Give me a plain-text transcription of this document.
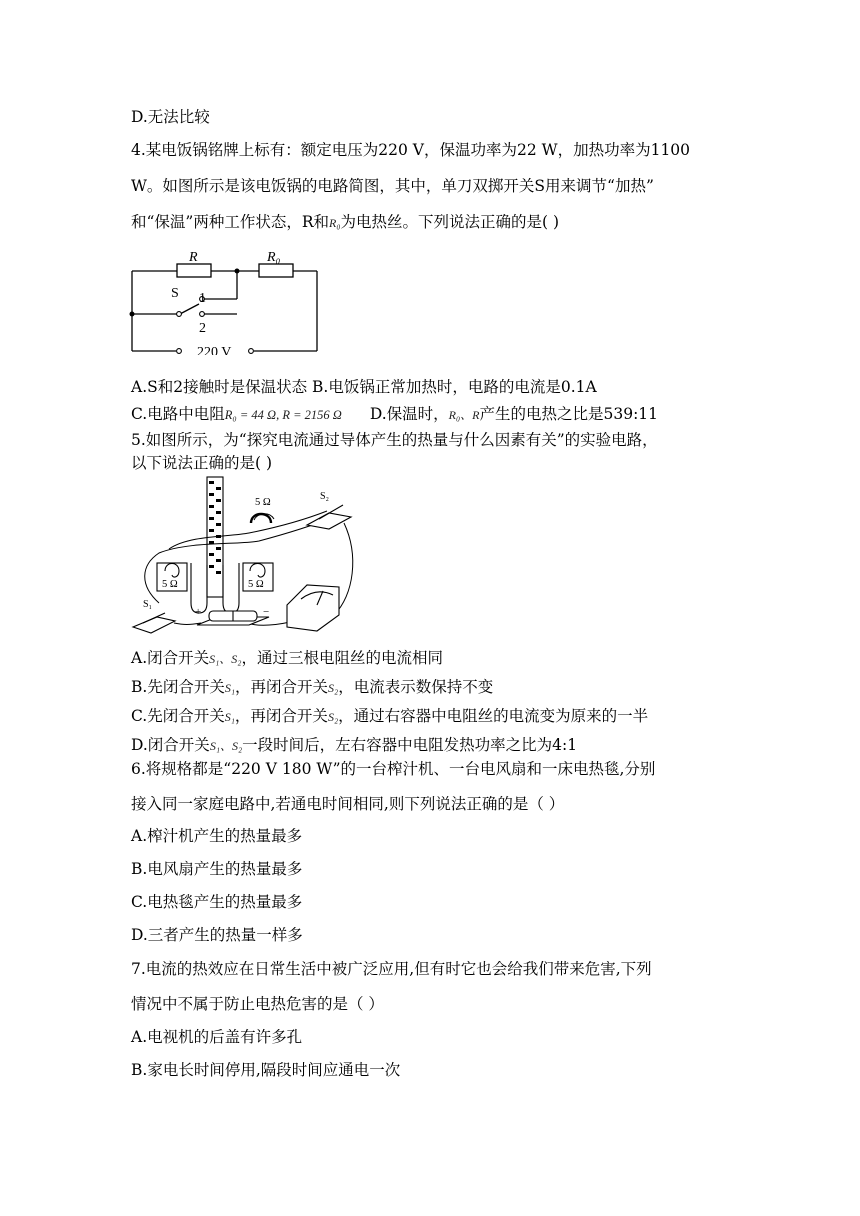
D.无法比较
4.某电饭锅铭牌上标有：额定电压为220 V，保温功率为22 W，加热功率为1100
W。如图所示是该电饭锅的电路简图，其中，单刀双掷开关S用来调节“加热”
和“保温”两种工作状态，R和R₀为电热丝。下列说法正确的是( )
R	R₀
S 1
2
220 V
A.S和2接触时是保温状态 B.电饭锅正常加热时，电路的电流是0.1A
C.电路中电阻R₀ = 44 Ω, R = 2156 Ω D.保温时，R₀、R产生的电热之比是539:11
5.如图所示，为“探究电流通过导体产生的热量与什么因素有关”的实验电路，
以下说法正确的是( )
5 Ω
5 Ω	5 Ω
S₂
S₁
+	−
A.闭合开关S₁、S₂，通过三根电阻丝的电流相同
B.先闭合开关S₁，再闭合开关S₂，电流表示数保持不变
C.先闭合开关S₁，再闭合开关S₂，通过右容器中电阻丝的电流变为原来的一半
D.闭合开关S₁、S₂一段时间后，左右容器中电阻发热功率之比为4:1
6.将规格都是“220 V 180 W”的一台榨汁机、一台电风扇和一床电热毯,分别
接入同一家庭电路中,若通电时间相同,则下列说法正确的是（ ）
A.榨汁机产生的热量最多
B.电风扇产生的热量最多
C.电热毯产生的热量最多
D.三者产生的热量一样多
7.电流的热效应在日常生活中被广泛应用,但有时它也会给我们带来危害,下列
情况中不属于防止电热危害的是（ ）
A.电视机的后盖有许多孔
B.家电长时间停用,隔段时间应通电一次
